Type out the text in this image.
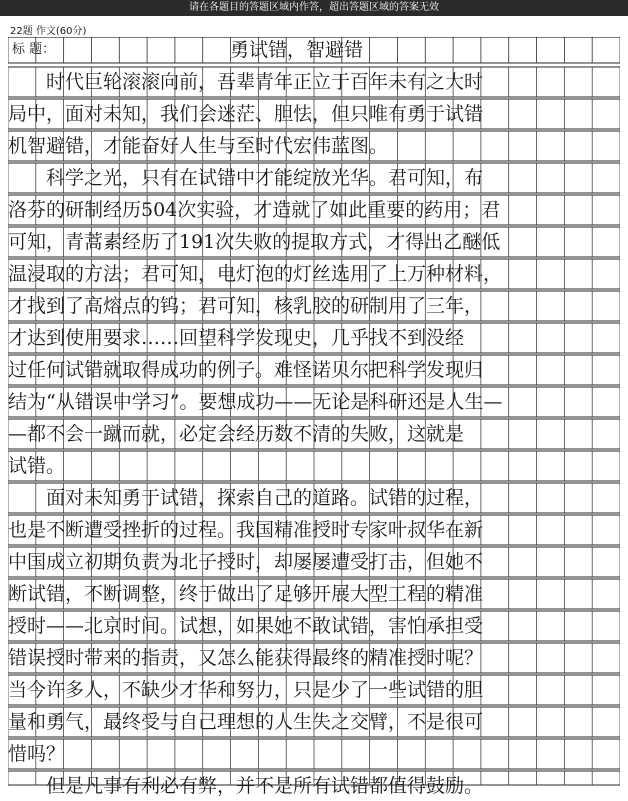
请在各题目的答题区域内作答，超出答题区域的答案无效
22题 作文(60分)
标 题：	勇试错，智避错
　　时代巨轮滚滚向前，吾辈青年正立于百年未有之大时
局中，面对未知，我们会迷茫、胆怯，但只唯有勇于试错
机智避错，才能奋好人生与至时代宏伟蓝图。
　　科学之光，只有在试错中才能绽放光华。君可知，布
洛芬的研制经历504次实验，才造就了如此重要的药用；君
可知，青蒿素经历了191次失败的提取方式，才得出乙醚低
温浸取的方法；君可知，电灯泡的灯丝选用了上万种材料，
才找到了高熔点的钨；君可知，核乳胶的研制用了三年，
才达到使用要求……回望科学发现史，几乎找不到没经
过任何试错就取得成功的例子。难怪诺贝尔把科学发现归
结为“从错误中学习”。要想成功——无论是科研还是人生—
—都不会一蹴而就，必定会经历数不清的失败，这就是
试错。
　　面对未知勇于试错，探索自己的道路。试错的过程，
也是不断遭受挫折的过程。我国精准授时专家叶叔华在新
中国成立初期负责为北子授时，却屡屡遭受打击，但她不
断试错，不断调整，终于做出了足够开展大型工程的精准
授时——北京时间。试想，如果她不敢试错，害怕承担受
错误授时带来的指责，又怎么能获得最终的精准授时呢？
当今许多人，不缺少才华和努力，只是少了一些试错的胆
量和勇气，最终受与自己理想的人生失之交臂，不是很可
惜吗？
　　但是凡事有利必有弊，并不是所有试错都值得鼓励。
